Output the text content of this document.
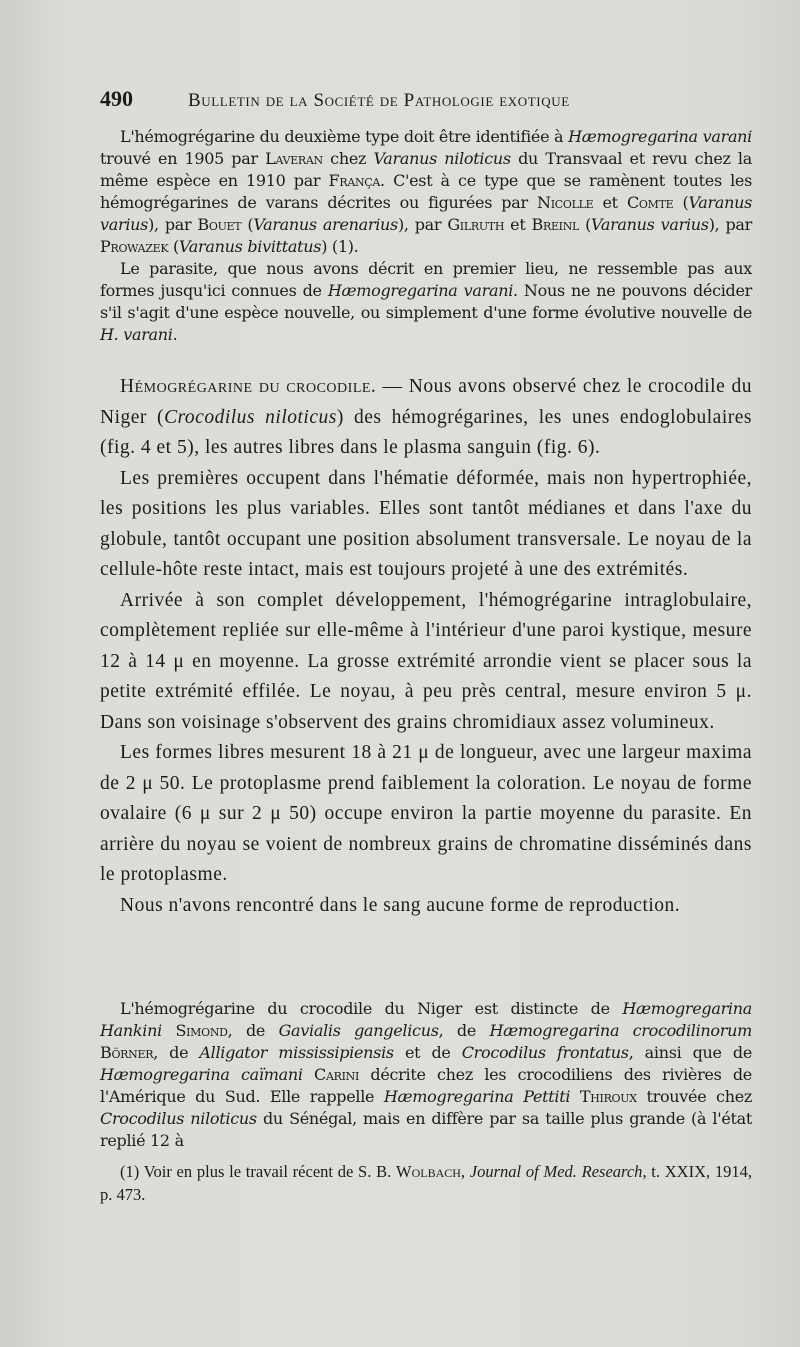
490	Bulletin de la Société de Pathologie exotique

L'hémogrégarine du deuxième type doit être identifiée à Hæmogregarina varani trouvé en 1905 par Laveran chez Varanus niloticus du Transvaal et revu chez la même espèce en 1910 par França. C'est à ce type que se ramènent toutes les hémogrégarines de varans décrites ou figurées par Nicolle et Comte (Varanus varius), par Bouet (Varanus arenarius), par Gilruth et Breinl (Varanus varius), par Prowazek (Varanus bivittatus) (1).

Le parasite, que nous avons décrit en premier lieu, ne ressemble pas aux formes jusqu'ici connues de Hæmogregarina varani. Nous ne ne pouvons décider s'il s'agit d'une espèce nouvelle, ou simplement d'une forme évolutive nouvelle de H. varani.

Hémogrégarine du crocodile. — Nous avons observé chez le crocodile du Niger (Crocodilus niloticus) des hémogrégarines, les unes endoglobulaires (fig. 4 et 5), les autres libres dans le plasma sanguin (fig. 6).

Les premières occupent dans l'hématie déformée, mais non hypertrophiée, les positions les plus variables. Elles sont tantôt médianes et dans l'axe du globule, tantôt occupant une position absolument transversale. Le noyau de la cellule-hôte reste intact, mais est toujours projeté à une des extrémités.

Arrivée à son complet développement, l'hémogrégarine intraglobulaire, complètement repliée sur elle-même à l'intérieur d'une paroi kystique, mesure 12 à 14 μ en moyenne. La grosse extrémité arrondie vient se placer sous la petite extrémité effilée. Le noyau, à peu près central, mesure environ 5 μ. Dans son voisinage s'observent des grains chromidiaux assez volumineux.

Les formes libres mesurent 18 à 21 μ de longueur, avec une largeur maxima de 2 μ 50. Le protoplasme prend faiblement la coloration. Le noyau de forme ovalaire (6 μ sur 2 μ 50) occupe environ la partie moyenne du parasite. En arrière du noyau se voient de nombreux grains de chromatine disséminés dans le protoplasme.

Nous n'avons rencontré dans le sang aucune forme de reproduction.

L'hémogrégarine du crocodile du Niger est distincte de Hæmogregarina Hankini Simond, de Gavialis gangelicus, de Hæmogregarina crocodilinorum Börner, de Alligator mississipiensis et de Crocodilus frontatus, ainsi que de Hæmogregarina caïmani Carini décrite chez les crocodiliens des rivières de l'Amérique du Sud. Elle rappelle Hæmogregarina Pettiti Thiroux trouvée chez Crocodilus niloticus du Sénégal, mais en diffère par sa taille plus grande (à l'état replié 12 à

(1) Voir en plus le travail récent de S. B. Wolbach, Journal of Med. Research, t. XXIX, 1914, p. 473.
